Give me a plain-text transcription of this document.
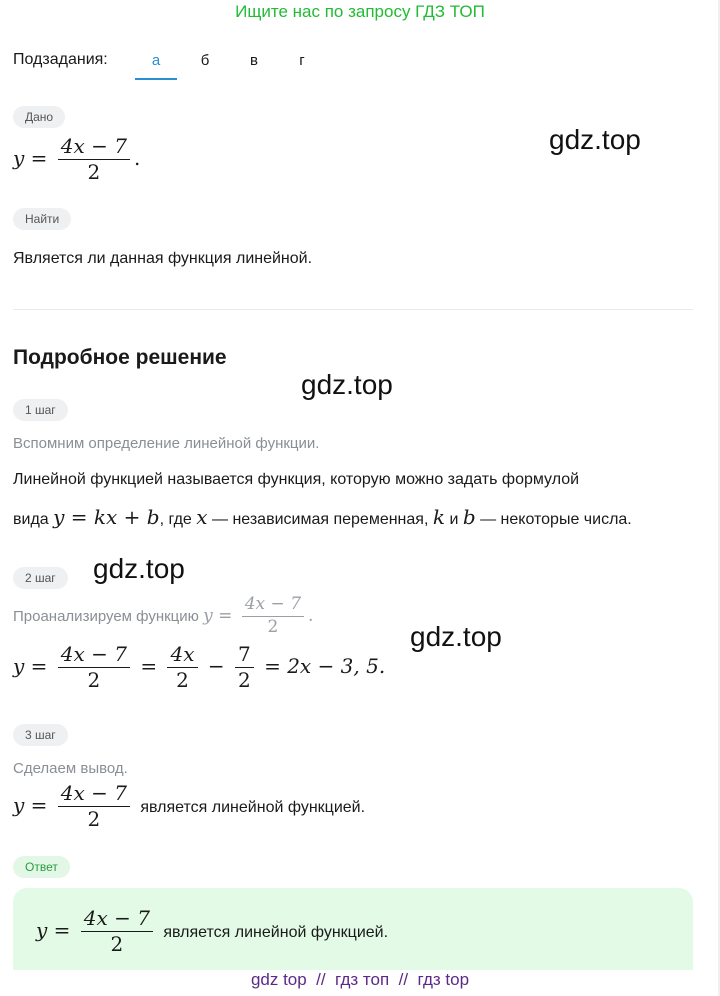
Ищите нас по запросу ГДЗ ТОП
Подзадания:	а	б	в	г
Дано
$y = \frac{4x - 7}{2}$ .
gdz.top
Найти
Является ли данная функция линейной.
Подробное решение
gdz.top
1 шаг
Вспомним определение линейной функции.
Линейной функцией называется функция, которую можно задать формулой
вида y = kx + b, где x — независимая переменная, k и b — некоторые числа.
2 шаг	gdz.top
Проанализируем функцию $y = \frac{4x - 7}{2}$ .
gdz.top
$y = \frac{4x - 7}{2} = \frac{4x}{2} - \frac{7}{2} = 2x - 3$, 5.
3 шаг
Сделаем вывод.
$y = \frac{4x - 7}{2}$ является линейной функцией.
Ответ
$y = \frac{4x - 7}{2}$ является линейной функцией.
gdz top  //  гдз топ  //  гдз top
